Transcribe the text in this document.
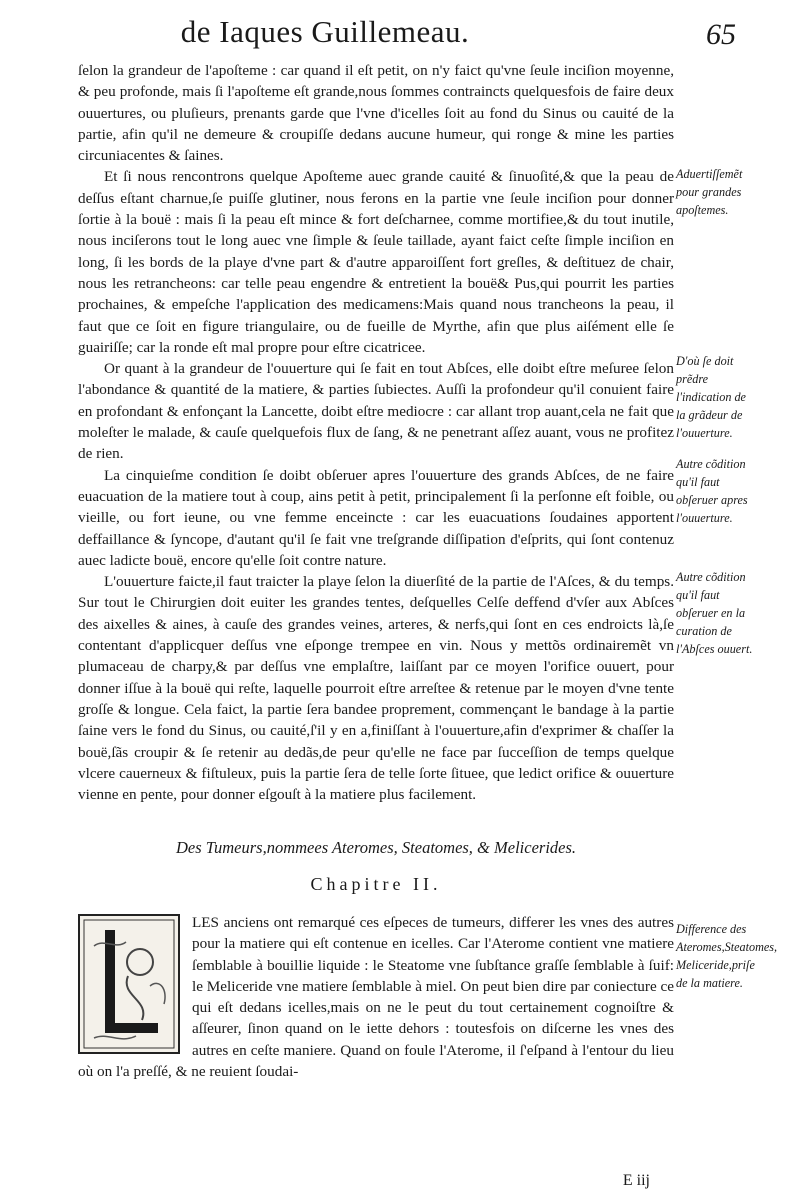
de Iaques Guillemeau.	65

ſelon la grandeur de l'apoſteme : car quand il eſt petit, on n'y faict qu'vne ſeule inciſion moyenne, & peu profonde, mais ſi l'apoſteme eſt grande,nous ſommes contraincts quelquesfois de faire deux ouuertures, ou pluſieurs, prenants garde que l'vne d'icelles ſoit au fond du Sinus ou cauité de la partie, afin qu'il ne demeure & croupiſſe dedans aucune humeur, qui ronge & mine les parties circuniacentes & ſaines.

Et ſi nous rencontrons quelque Apoſteme auec grande cauité & ſinuoſité,& que la peau de deſſus eſtant charnue,ſe puiſſe glutiner, nous ferons en la partie vne ſeule inciſion pour donner ſortie à la bouë : mais ſi la peau eſt mince & fort deſcharnee, comme mortifiee,& du tout inutile, nous inciſerons tout le long auec vne ſimple & ſeule taillade, ayant faict ceſte ſimple inciſion en long, ſi les bords de la playe d'vne part & d'autre apparoiſſent fort greſles, & deſtituez de chair, nous les retrancheons: car telle peau engendre & entretient la bouë& Pus,qui pourrit les parties prochaines, & empeſche l'application des medicamens:Mais quand nous trancheons la peau, il faut que ce ſoit en figure triangulaire, ou de fueille de Myrthe, afin que plus aiſément elle ſe guairiſſe; car la ronde eſt mal propre pour eſtre cicatricee.

Or quant à la grandeur de l'ouuerture qui ſe fait en tout Abſces, elle doibt eſtre meſuree ſelon l'abondance & quantité de la matiere, & parties ſubiectes. Auſſi la profondeur qu'il conuient faire en profondant & enfonçant la Lancette, doibt eſtre mediocre : car allant trop auant,cela ne fait que moleſter le malade, & cauſe quelquefois flux de ſang, & ne penetrant aſſez auant, vous ne profitez de rien.

La cinquieſme condition ſe doibt obſeruer apres l'ouuerture des grands Abſces, de ne faire euacuation de la matiere tout à coup, ains petit à petit, principalement ſi la perſonne eſt foible, ou vieille, ou fort ieune, ou vne femme enceincte : car les euacuations ſoudaines apportent deffaillance & ſyncope, d'autant qu'il ſe fait vne treſgrande diſſipation d'eſprits, qui ſont contenuz auec ladicte bouë, encore qu'elle ſoit contre nature.

L'ouuerture faicte,il faut traicter la playe ſelon la diuerſité de la partie de l'Aſces, & du temps. Sur tout le Chirurgien doit euiter les grandes tentes, deſquelles Celſe deffend d'vſer aux Abſces des aixelles & aines, à cauſe des grandes veines, arteres, & nerfs,qui ſont en ces endroicts là,ſe contentant d'applicquer deſſus vne eſponge trempee en vin. Nous y mettõs ordinairemẽt vn plumaceau de charpy,& par deſſus vne emplaſtre, laiſſant par ce moyen l'orifice ouuert, pour donner iſſue à la bouë qui reſte, laquelle pourroit eſtre arreſtee & retenue par le moyen d'vne tente groſſe & longue. Cela faict, la partie ſera bandee proprement, commençant le bandage à la partie ſaine vers le fond du Sinus, ou cauité,ſ'il y en a,finiſſant à l'ouuerture,afin d'exprimer & chaſſer la bouë,ſãs croupir & ſe retenir au dedãs,de peur qu'elle ne face par ſucceſſion de temps quelque vlcere cauerneux & fiſtuleux, puis la partie ſera de telle ſorte ſituee, que ledict orifice & ouuerture vienne en pente, pour donner eſgouſt à la matiere plus facilement.

Aduertiſſemẽt pour grandes apoſtemes.
D'où ſe doit prẽdre l'indication de la grãdeur de l'ouuerture.
Autre cõdition qu'il faut obſeruer apres l'ouuerture.
Autre cõdition qu'il faut obſeruer en la curation de l'Abſces ouuert.
Difference des Ateromes,Steatomes, Meliceride,priſe de la matiere.
Des Tumeurs,nommees Ateromes, Steatomes, & Melicerides.
Chapitre II.
LES anciens ont remarqué ces eſpeces de tumeurs, differer les vnes des autres pour la matiere qui eſt contenue en icelles. Car l'Aterome contient vne matiere ſemblable à bouillie liquide : le Steatome vne ſubſtance graſſe ſemblable à ſuif: le Meliceride vne matiere ſemblable à miel. On peut bien dire par coniecture ce qui eſt dedans icelles,mais on ne le peut du tout certainement cognoiſtre & aſſeurer, ſinon quand on le iette dehors : toutesfois on diſcerne les vnes des autres en ceſte maniere. Quand on foule l'Aterome, il ſ'eſpand à l'entour du lieu où on l'a preſſé, & ne reuient ſoudai-
E iij
